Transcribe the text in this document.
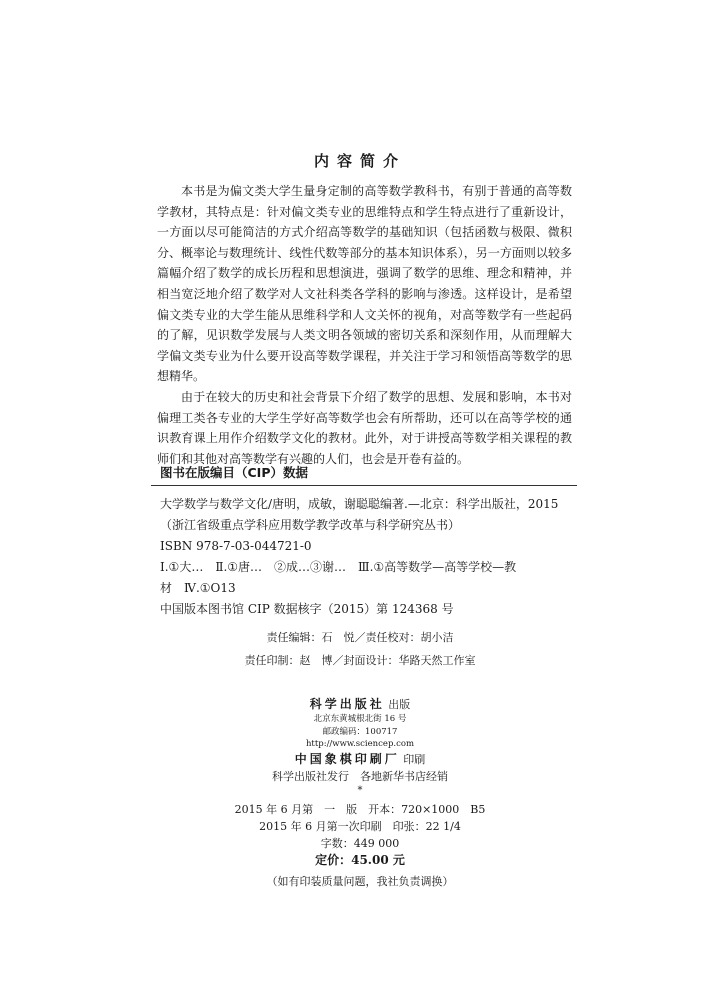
内容简介

本书是为偏文类大学生量身定制的高等数学教科书，有别于普通的高等数学教材，其特点是：针对偏文类专业的思维特点和学生特点进行了重新设计，一方面以尽可能简洁的方式介绍高等数学的基础知识（包括函数与极限、微积分、概率论与数理统计、线性代数等部分的基本知识体系），另一方面则以较多篇幅介绍了数学的成长历程和思想演进，强调了数学的思维、理念和精神，并相当宽泛地介绍了数学对人文社科类各学科的影响与渗透。这样设计，是希望偏文类专业的大学生能从思维科学和人文关怀的视角，对高等数学有一些起码的了解，见识数学发展与人类文明各领域的密切关系和深刻作用，从而理解大学偏文类专业为什么要开设高等数学课程，并关注于学习和领悟高等数学的思想精华。

由于在较大的历史和社会背景下介绍了数学的思想、发展和影响，本书对偏理工类各专业的大学生学好高等数学也会有所帮助，还可以在高等学校的通识教育课上用作介绍数学文化的教材。此外，对于讲授高等数学相关课程的教师们和其他对高等数学有兴趣的人们，也会是开卷有益的。

图书在版编目（CIP）数据
大学数学与数学文化/唐明，成敏，谢聪聪编著.—北京：科学出版社，2015
（浙江省级重点学科应用数学教学改革与科学研究丛书）
ISBN 978-7-03-044721-0
Ⅰ.①大…　Ⅱ.①唐…　②成…③谢…　Ⅲ.①高等数学—高等学校—教
材　Ⅳ.①O13
中国版本图书馆 CIP 数据核字（2015）第 124368 号
责任编辑：石　悦／责任校对：胡小洁
责任印制：赵　博／封面设计：华路天然工作室
科学出版社 出版
北京东黄城根北街 16 号
邮政编码：100717
http://www.sciencep.com
中国象棋印刷厂 印刷
科学出版社发行　各地新华书店经销
*
2015 年 6 月第　一　版　开本：720×1000　B5
2015 年 6 月第一次印刷　印张：22 1/4
字数：449 000
定价：45.00 元
（如有印装质量问题，我社负责调换）
